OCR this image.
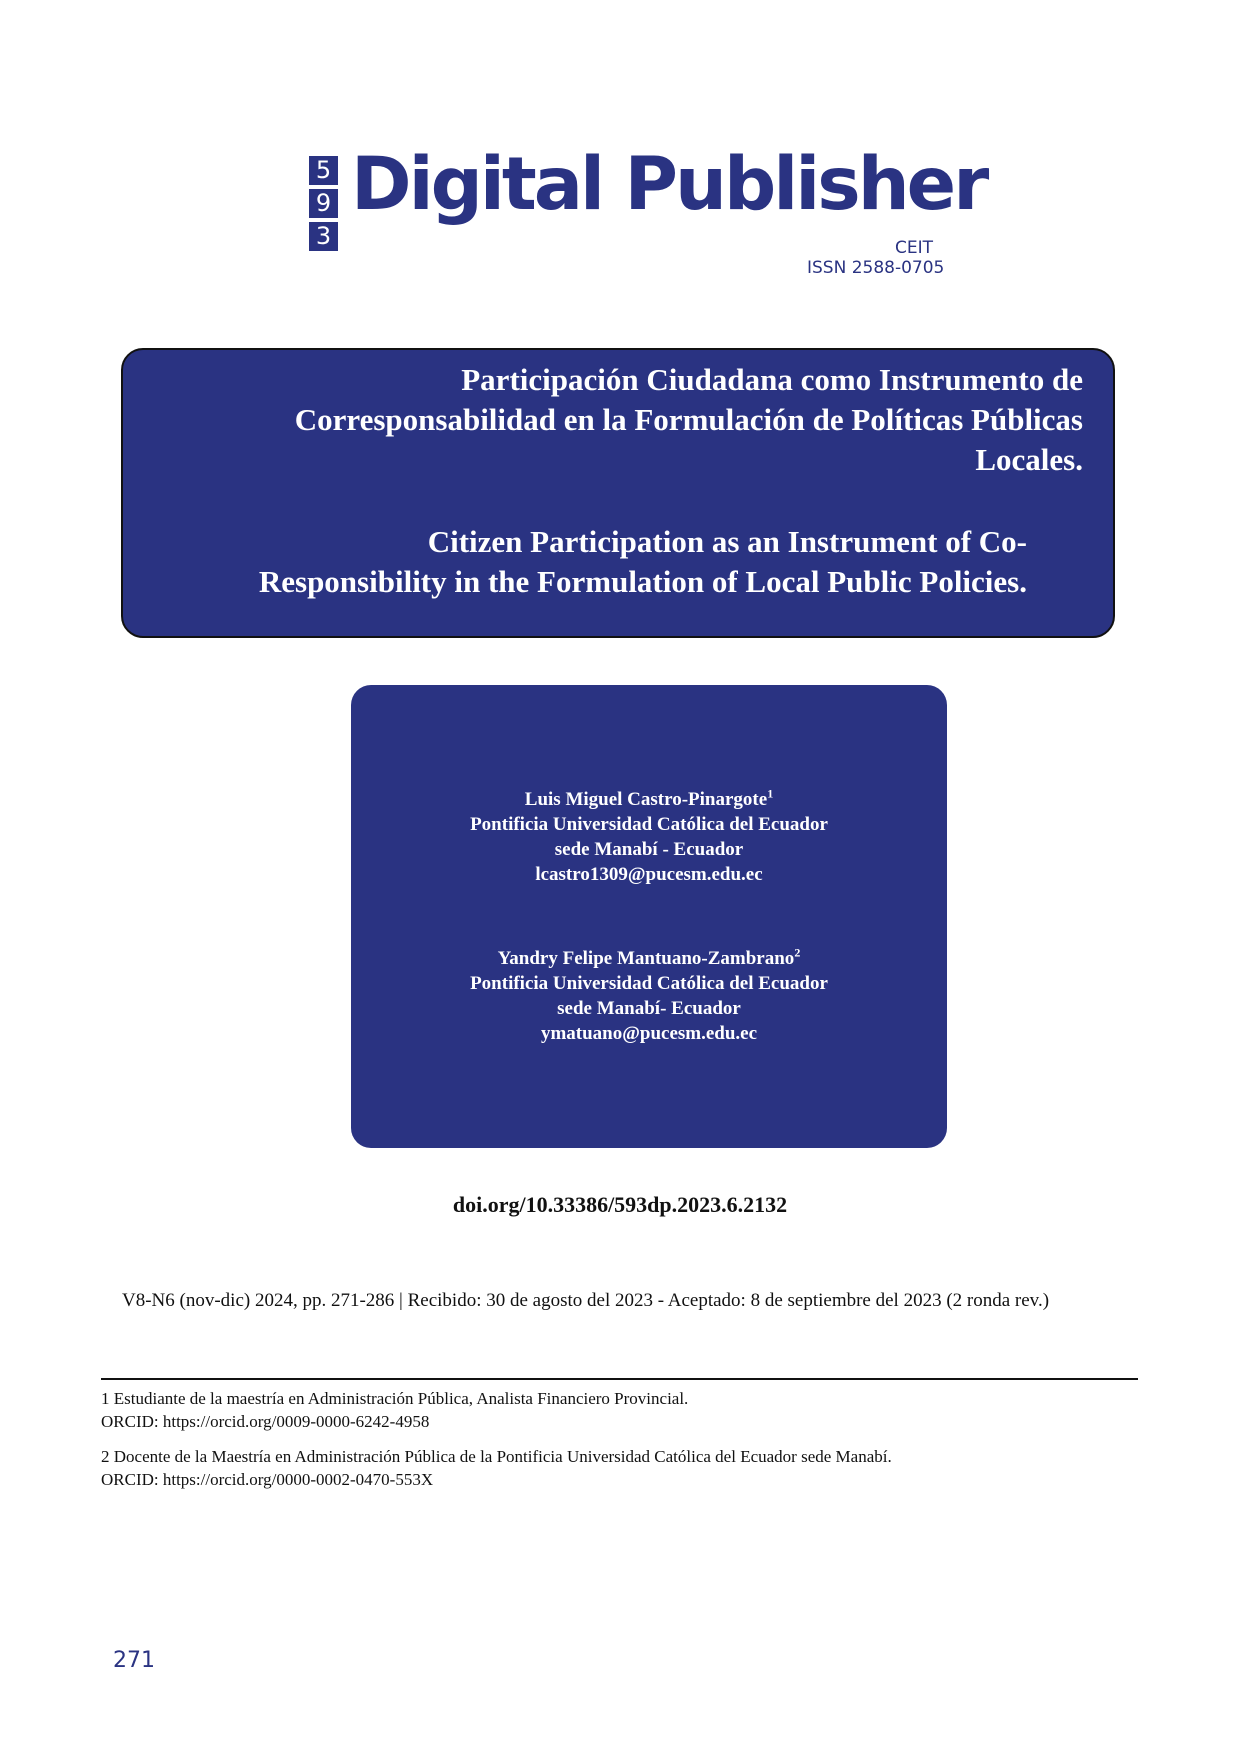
5
9
3
Digital Publisher
CEIT
ISSN 2588-0705
Participación Ciudadana como Instrumento de
Corresponsabilidad en la Formulación de Políticas Públicas
Locales.
Citizen Participation as an Instrument of Co-
Responsibility in the Formulation of Local Public Policies.
Luis Miguel Castro-Pinargote$^1$
Pontificia Universidad Católica del Ecuador
sede Manabí - Ecuador
lcastro1309@pucesm.edu.ec
Yandry Felipe Mantuano-Zambrano$^2$
Pontificia Universidad Católica del Ecuador
sede Manabí- Ecuador
ymatuano@pucesm.edu.ec
doi.org/10.33386/593dp.2023.6.2132
V8-N6 (nov-dic) 2024, pp. 271-286 | Recibido: 30 de agosto del 2023 - Aceptado: 8 de septiembre del 2023 (2 ronda rev.)
1 Estudiante de la maestría en Administración Pública, Analista Financiero Provincial.
ORCID: https://orcid.org/0009-0000-6242-4958
2 Docente de la Maestría en Administración Pública de la Pontificia Universidad Católica del Ecuador sede Manabí.
ORCID: https://orcid.org/0000-0002-0470-553X
271
